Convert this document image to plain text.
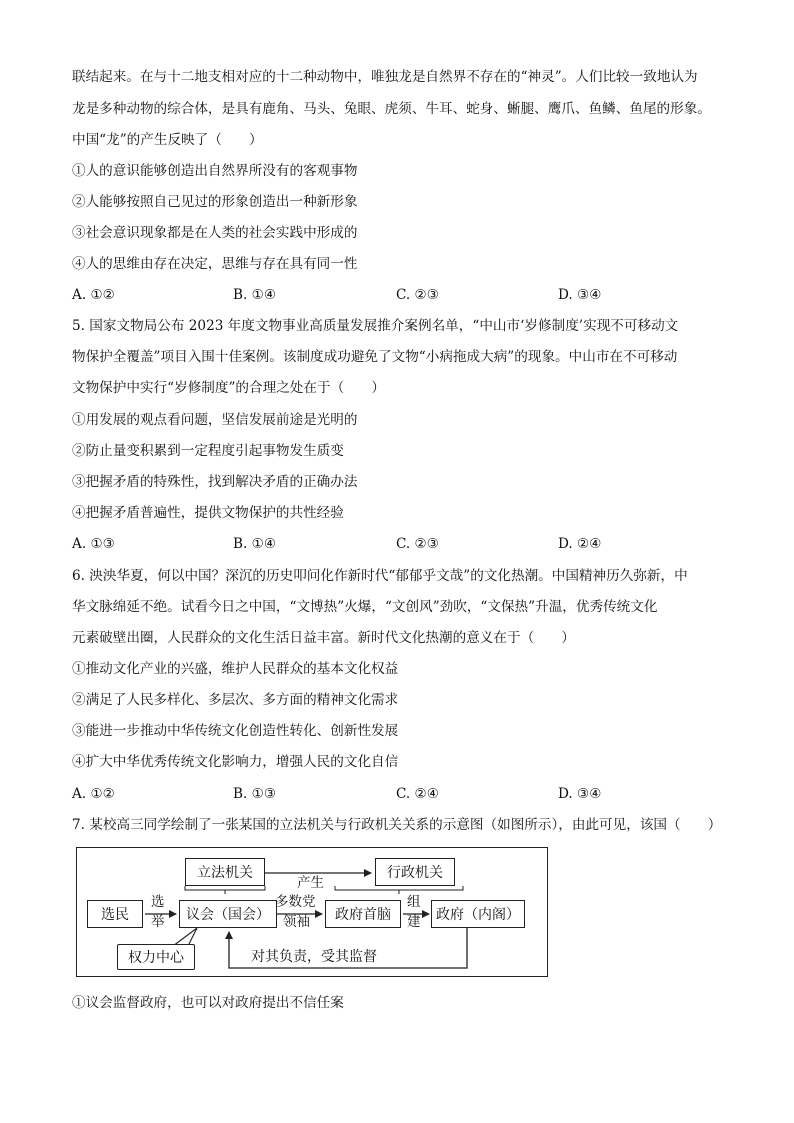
联结起来。在与十二地支相对应的十二种动物中，唯独龙是自然界不存在的“神灵”。人们比较一致地认为
龙是多种动物的综合体，是具有鹿角、马头、兔眼、虎须、牛耳、蛇身、蜥腿、鹰爪、鱼鳞、鱼尾的形象。
中国“龙”的产生反映了（　　）
①人的意识能够创造出自然界所没有的客观事物
②人能够按照自己见过的形象创造出一种新形象
③社会意识现象都是在人类的社会实践中形成的
④人的思维由存在决定，思维与存在具有同一性
A. ①②	B. ①④	C. ②③	D. ③④
5. 国家文物局公布 2023 年度文物事业高质量发展推介案例名单，“中山市‘岁修制度’实现不可移动文
物保护全覆盖”项目入围十佳案例。该制度成功避免了文物“小病拖成大病”的现象。中山市在不可移动
文物保护中实行“岁修制度”的合理之处在于（　　）
①用发展的观点看问题，坚信发展前途是光明的
②防止量变积累到一定程度引起事物发生质变
③把握矛盾的特殊性，找到解决矛盾的正确办法
④把握矛盾普遍性，提供文物保护的共性经验
A. ①③	B. ①④	C. ②③	D. ②④
6. 泱泱华夏，何以中国？深沉的历史叩问化作新时代“郁郁乎文哉”的文化热潮。中国精神历久弥新，中
华文脉绵延不绝。试看今日之中国，“文博热”火爆，“文创风”劲吹，“文保热”升温，优秀传统文化
元素破壁出圈，人民群众的文化生活日益丰富。新时代文化热潮的意义在于（　　）
①推动文化产业的兴盛，维护人民群众的基本文化权益
②满足了人民多样化、多层次、多方面的精神文化需求
③能进一步推动中华传统文化创造性转化、创新性发展
④扩大中华优秀传统文化影响力，增强人民的文化自信
A. ①②	B. ①③	C. ②④	D. ③④
7. 某校高三同学绘制了一张某国的立法机关与行政机关关系的示意图（如图所示），由此可见，该国（　　）
立法机关	行政机关
产生
选民
选
举	议会（国会）
多数党
领袖	政府首脑
组
建	政府（内阁）
权力中心	对其负责，受其监督
①议会监督政府，也可以对政府提出不信任案
